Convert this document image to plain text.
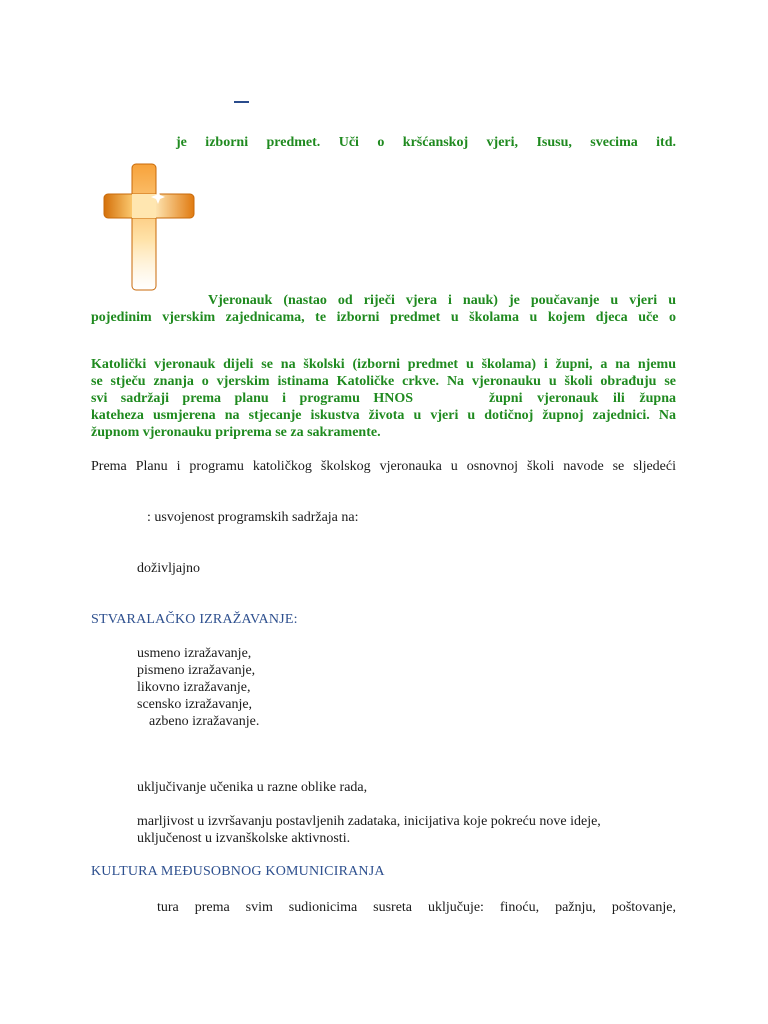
je izborni predmet. Uči o kršćanskoj vjeri, Isusu, svecima itd.
Vjeronauk (nastao od riječi vjera i nauk) je poučavanje u vjeri u
pojedinim vjerskim zajednicama, te izborni predmet u školama u kojem djeca uče o
Katolički vjeronauk dijeli se na školski (izborni predmet u školama) i župni, a na njemu
se stječu znanja o vjerskim istinama Katoličke crkve. Na vjeronauku u školi obrađuju se
svi sadržaji prema planu i programu HNOS	župni vjeronauk ili župna
kateheza usmjerena na stjecanje iskustva života u vjeri u dotičnoj župnoj zajednici. Na
župnom vjeronauku priprema se za sakramente.
Prema Planu i programu katoličkog školskog vjeronauka u osnovnoj školi navode se sljedeći
: usvojenost programskih sadržaja na:
doživljajno
STVARALAČKO IZRAŽAVANJE:
usmeno izražavanje,
pismeno izražavanje,
likovno izražavanje,
scensko izražavanje,
azbeno izražavanje.
uključivanje učenika u razne oblike rada,
marljivost u izvršavanju postavljenih zadataka, inicijativa koje pokreću nove ideje,
uključenost u izvanškolske aktivnosti.
KULTURA MEĐUSOBNOG KOMUNICIRANJA
tura prema svim sudionicima susreta uključuje: finoću, pažnju, poštovanje,
